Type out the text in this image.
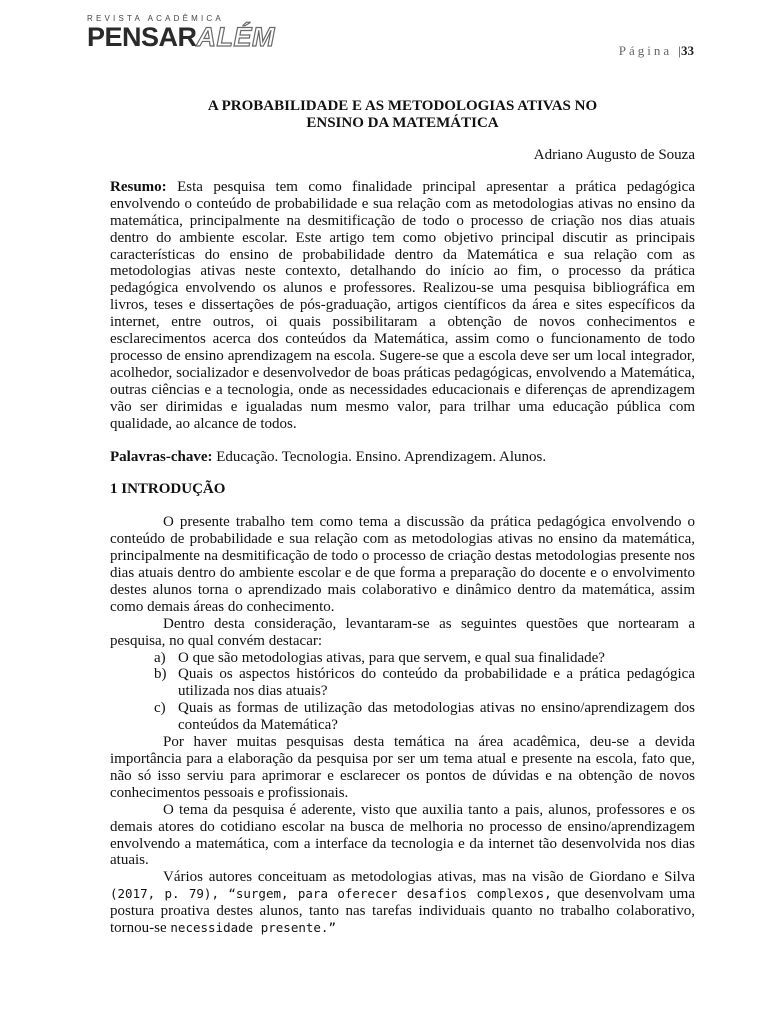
REVISTA ACADÊMICA
PENSARALÉM	Página |33
A PROBABILIDADE E AS METODOLOGIAS ATIVAS NO
ENSINO DA MATEMÁTICA
Adriano Augusto de Souza

Resumo: Esta pesquisa tem como finalidade principal apresentar a prática pedagógica envolvendo o conteúdo de probabilidade e sua relação com as metodologias ativas no ensino da matemática, principalmente na desmitificação de todo o processo de criação nos dias atuais dentro do ambiente escolar. Este artigo tem como objetivo principal discutir as principais características do ensino de probabilidade dentro da Matemática e sua relação com as metodologias ativas neste contexto, detalhando do início ao fim, o processo da prática pedagógica envolvendo os alunos e professores. Realizou-se uma pesquisa bibliográfica em livros, teses e dissertações de pós-graduação, artigos científicos da área e sites específicos da internet, entre outros, oi quais possibilitaram a obtenção de novos conhecimentos e esclarecimentos acerca dos conteúdos da Matemática, assim como o funcionamento de todo processo de ensino aprendizagem na escola. Sugere-se que a escola deve ser um local integrador, acolhedor, socializador e desenvolvedor de boas práticas pedagógicas, envolvendo a Matemática, outras ciências e a tecnologia, onde as necessidades educacionais e diferenças de aprendizagem vão ser dirimidas e igualadas num mesmo valor, para trilhar uma educação pública com qualidade, ao alcance de todos.

Palavras-chave: Educação. Tecnologia. Ensino. Aprendizagem. Alunos.

1 INTRODUÇÃO

O presente trabalho tem como tema a discussão da prática pedagógica envolvendo o conteúdo de probabilidade e sua relação com as metodologias ativas no ensino da matemática, principalmente na desmitificação de todo o processo de criação destas metodologias presente nos dias atuais dentro do ambiente escolar e de que forma a preparação do docente e o envolvimento destes alunos torna o aprendizado mais colaborativo e dinâmico dentro da matemática, assim como demais áreas do conhecimento.

Dentro desta consideração, levantaram-se as seguintes questões que nortearam a pesquisa, no qual convém destacar:

a) O que são metodologias ativas, para que servem, e qual sua finalidade?
b) Quais os aspectos históricos do conteúdo da probabilidade e a prática pedagógica utilizada nos dias atuais?
c) Quais as formas de utilização das metodologias ativas no ensino/aprendizagem dos conteúdos da Matemática?

Por haver muitas pesquisas desta temática na área acadêmica, deu-se a devida importância para a elaboração da pesquisa por ser um tema atual e presente na escola, fato que, não só isso serviu para aprimorar e esclarecer os pontos de dúvidas e na obtenção de novos conhecimentos pessoais e profissionais.

O tema da pesquisa é aderente, visto que auxilia tanto a pais, alunos, professores e os demais atores do cotidiano escolar na busca de melhoria no processo de ensino/aprendizagem envolvendo a matemática, com a interface da tecnologia e da internet tão desenvolvida nos dias atuais.

Vários autores conceituam as metodologias ativas, mas na visão de Giordano e Silva (2017, p. 79), “surgem, para oferecer desafios complexos, que desenvolvam uma postura proativa destes alunos, tanto nas tarefas individuais quanto no trabalho colaborativo, tornou-se necessidade presente.”
